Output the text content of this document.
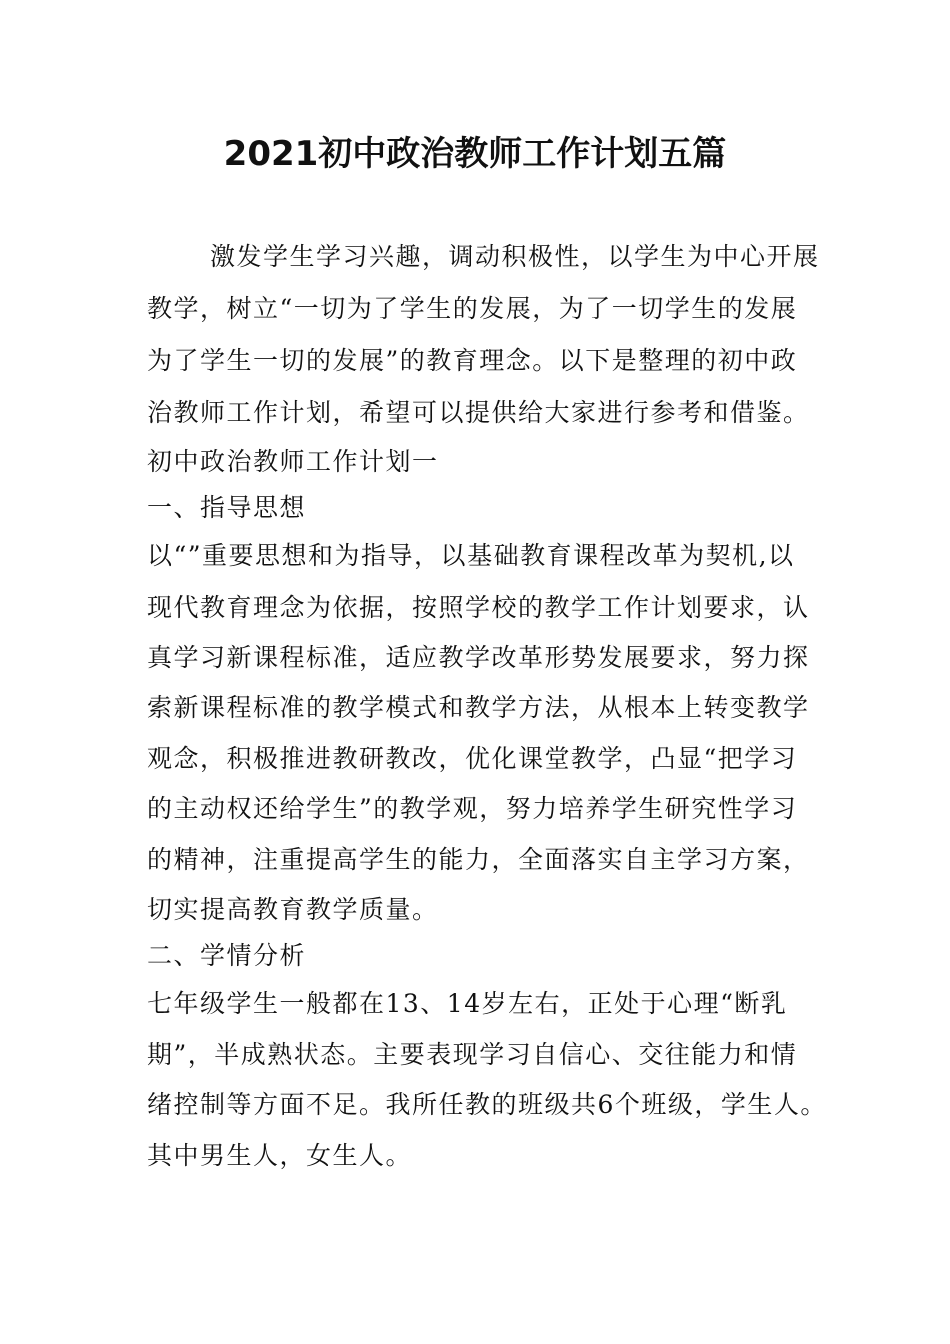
2021初中政治教师工作计划五篇
激发学生学习兴趣，调动积极性，以学生为中心开展
教学，树立“一切为了学生的发展，为了一切学生的发展
为了学生一切的发展”的教育理念。以下是整理的初中政
治教师工作计划，希望可以提供给大家进行参考和借鉴。
初中政治教师工作计划一
一、指导思想
以“”重要思想和为指导，以基础教育课程改革为契机,以
现代教育理念为依据，按照学校的教学工作计划要求，认
真学习新课程标准，适应教学改革形势发展要求，努力探
索新课程标准的教学模式和教学方法，从根本上转变教学
观念，积极推进教研教改，优化课堂教学，凸显“把学习
的主动权还给学生”的教学观，努力培养学生研究性学习
的精神，注重提高学生的能力，全面落实自主学习方案，
切实提高教育教学质量。
二、学情分析
七年级学生一般都在13、14岁左右，正处于心理“断乳
期”，半成熟状态。主要表现学习自信心、交往能力和情
绪控制等方面不足。我所任教的班级共6个班级，学生人。
其中男生人，女生人。
